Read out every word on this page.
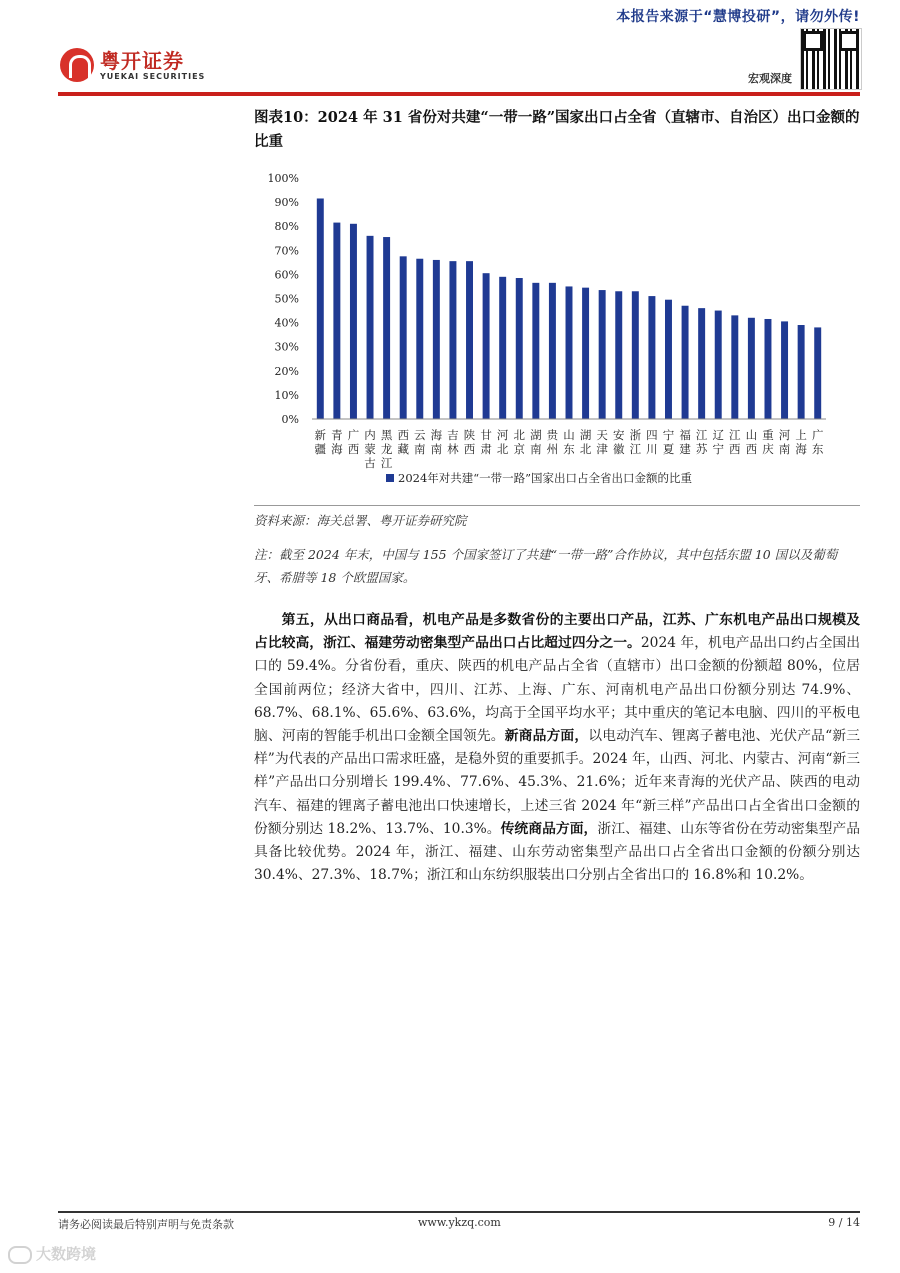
本报告来源于“慧博投研”，请勿外传!
粤开证券
YUEKAI SECURITIES	宏观深度
图表10：2024 年 31 省份对共建“一带一路”国家出口占全省（直辖市、自治区）出口金额的比重
0%
10%
20%
30%
40%
50%
60%
70%
80%
90%
100%
新
疆
青
海
广
西
内
蒙
古
黑
龙
江
西
藏
云
南
海
南
吉
林
陕
西
甘
肃
河
北
北
京
湖
南
贵
州
山
东
湖
北
天
津
安
徽
浙
江
四
川
宁
夏
福
建
江
苏
辽
宁
江
西
山
西
重
庆
河
南
上
海
广
东
2024年对共建“一带一路”国家出口占全省出口金额的比重
资料来源：海关总署、粤开证券研究院
注：截至 2024 年末，中国与 155 个国家签订了共建“一带一路”合作协议，其中包括东盟 10 国以及葡萄牙、希腊等 18 个欧盟国家。
第五，从出口商品看，机电产品是多数省份的主要出口产品，江苏、广东机电产品出口规模及占比较高，浙江、福建劳动密集型产品出口占比超过四分之一。2024 年，机电产品出口约占全国出口的 59.4%。分省份看，重庆、陕西的机电产品占全省（直辖市）出口金额的份额超 80%，位居全国前两位；经济大省中，四川、江苏、上海、广东、河南机电产品出口份额分别达 74.9%、68.7%、68.1%、65.6%、63.6%，均高于全国平均水平；其中重庆的笔记本电脑、四川的平板电脑、河南的智能手机出口金额全国领先。新商品方面，以电动汽车、锂离子蓄电池、光伏产品“新三样”为代表的产品出口需求旺盛，是稳外贸的重要抓手。2024 年，山西、河北、内蒙古、河南“新三样”产品出口分别增长 199.4%、77.6%、45.3%、21.6%；近年来青海的光伏产品、陕西的电动汽车、福建的锂离子蓄电池出口快速增长，上述三省 2024 年“新三样”产品出口占全省出口金额的份额分别达 18.2%、13.7%、10.3%。传统商品方面，浙江、福建、山东等省份在劳动密集型产品具备比较优势。2024 年，浙江、福建、山东劳动密集型产品出口占全省出口金额的份额分别达 30.4%、27.3%、18.7%；浙江和山东纺织服装出口分别占全省出口的 16.8%和 10.2%。
请务必阅读最后特别声明与免责条款	www.ykzq.com	9 / 14
大数跨境
